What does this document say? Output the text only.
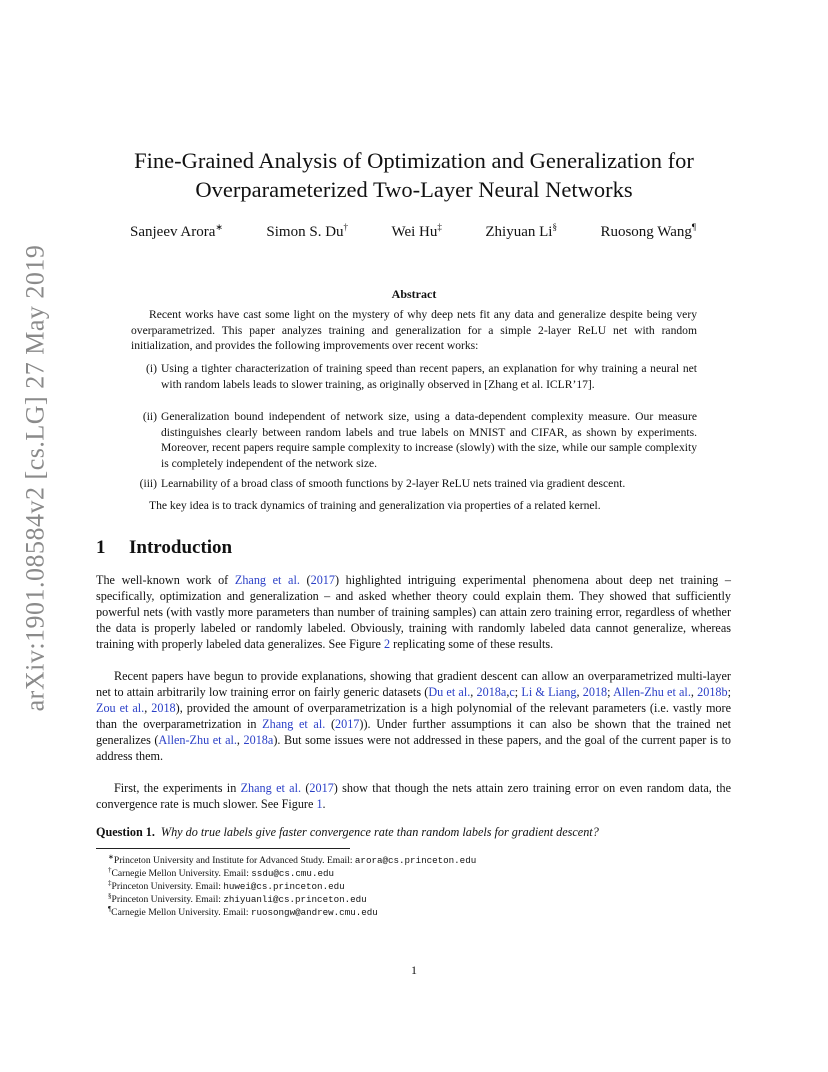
arXiv:1901.08584v2 [cs.LG] 27 May 2019
Fine-Grained Analysis of Optimization and Generalization for
Overparameterized Two-Layer Neural Networks
Sanjeev Arora∗	Simon S. Du†	Wei Hu‡	Zhiyuan Li§	Ruosong Wang¶
Abstract
Recent works have cast some light on the mystery of why deep nets fit any data and generalize despite being very overparametrized. This paper analyzes training and generalization for a simple 2-layer ReLU net with random initialization, and provides the following improvements over recent works:
(i) Using a tighter characterization of training speed than recent papers, an explanation for why training a neural net with random labels leads to slower training, as originally observed in [Zhang et al. ICLR’17].
(ii) Generalization bound independent of network size, using a data-dependent complexity measure. Our measure distinguishes clearly between random labels and true labels on MNIST and CIFAR, as shown by experiments. Moreover, recent papers require sample complexity to increase (slowly) with the size, while our sample complexity is completely independent of the network size.
(iii) Learnability of a broad class of smooth functions by 2-layer ReLU nets trained via gradient descent.
The key idea is to track dynamics of training and generalization via properties of a related kernel.
1 Introduction
The well-known work of Zhang et al. (2017) highlighted intriguing experimental phenomena about deep net training – specifically, optimization and generalization – and asked whether theory could explain them. They showed that sufficiently powerful nets (with vastly more parameters than number of training samples) can attain zero training error, regardless of whether the data is properly labeled or randomly labeled. Obviously, training with randomly labeled data cannot generalize, whereas training with properly labeled data generalizes. See Figure 2 replicating some of these results.
Recent papers have begun to provide explanations, showing that gradient descent can allow an overparametrized multi-layer net to attain arbitrarily low training error on fairly generic datasets (Du et al., 2018a,c; Li & Liang, 2018; Allen-Zhu et al., 2018b; Zou et al., 2018), provided the amount of overparametrization is a high polynomial of the relevant parameters (i.e. vastly more than the overparametrization in Zhang et al. (2017)). Under further assumptions it can also be shown that the trained net generalizes (Allen-Zhu et al., 2018a). But some issues were not addressed in these papers, and the goal of the current paper is to address them.
First, the experiments in Zhang et al. (2017) show that though the nets attain zero training error on even random data, the convergence rate is much slower. See Figure 1.
Question 1. Why do true labels give faster convergence rate than random labels for gradient descent?
∗Princeton University and Institute for Advanced Study. Email: arora@cs.princeton.edu
†Carnegie Mellon University. Email: ssdu@cs.cmu.edu
‡Princeton University. Email: huwei@cs.princeton.edu
§Princeton University. Email: zhiyuanli@cs.princeton.edu
¶Carnegie Mellon University. Email: ruosongw@andrew.cmu.edu
1
